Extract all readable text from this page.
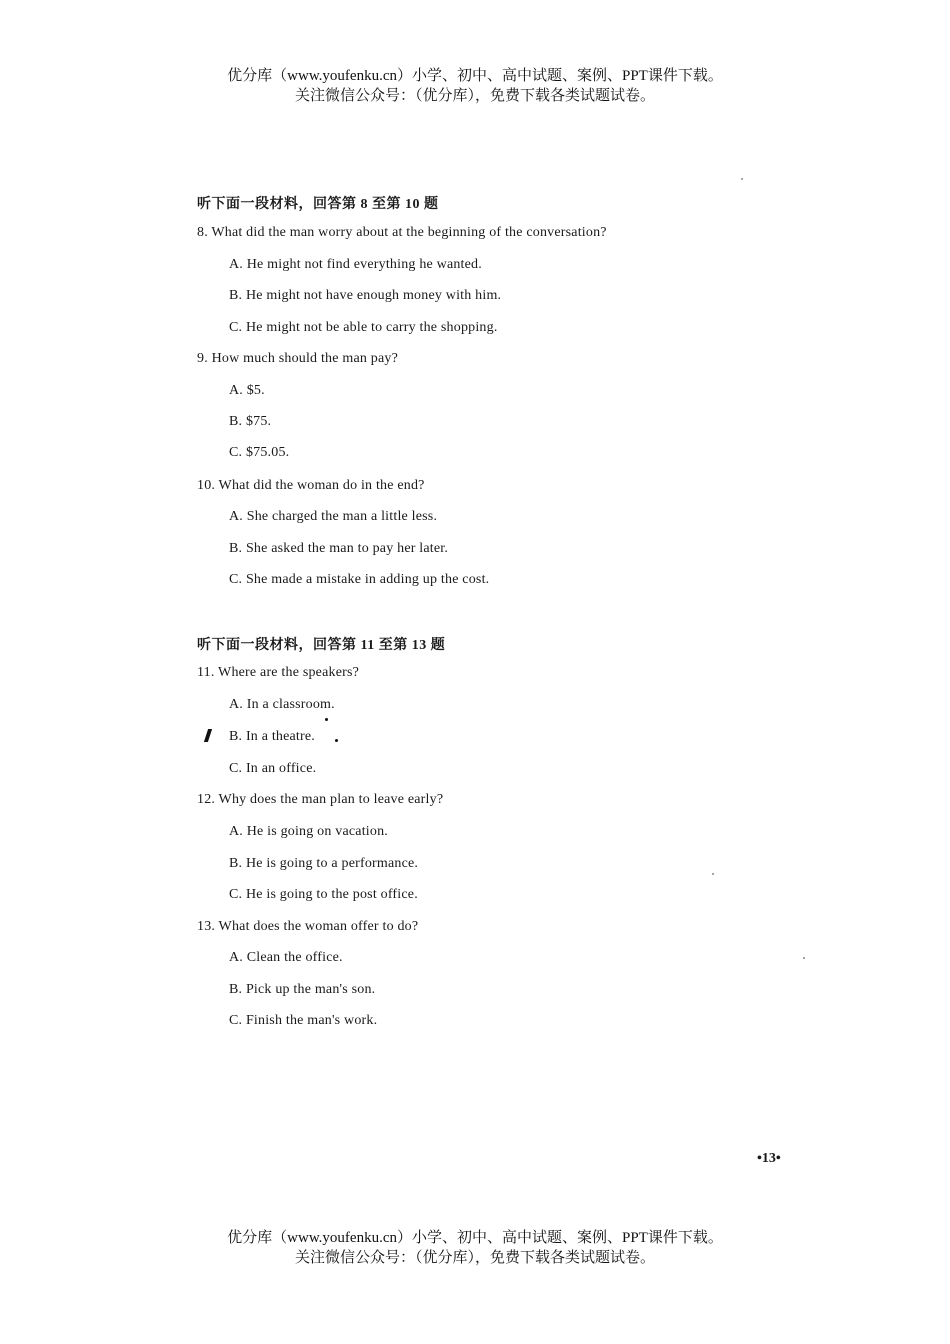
优分库（www.youfenku.cn）小学、初中、高中试题、案例、PPT课件下载。
关注微信公众号：（优分库），免费下载各类试题试卷。
听下面一段材料，回答第 8 至第 10 题
8. What did the man worry about at the beginning of the conversation?
A. He might not find everything he wanted.
B. He might not have enough money with him.
C. He might not be able to carry the shopping.
9. How much should the man pay?
A. $5.
B. $75.
C. $75.05.
10. What did the woman do in the end?
A. She charged the man a little less.
B. She asked the man to pay her later.
C. She made a mistake in adding up the cost.
听下面一段材料，回答第 11 至第 13 题
11. Where are the speakers?
A. In a classroom.
B. In a theatre.
C. In an office.
12. Why does the man plan to leave early?
A. He is going on vacation.
B. He is going to a performance.
C. He is going to the post office.
13. What does the woman offer to do?
A. Clean the office.
B. Pick up the man's son.
C. Finish the man's work.
•13•
优分库（www.youfenku.cn）小学、初中、高中试题、案例、PPT课件下载。
关注微信公众号：（优分库），免费下载各类试题试卷。
